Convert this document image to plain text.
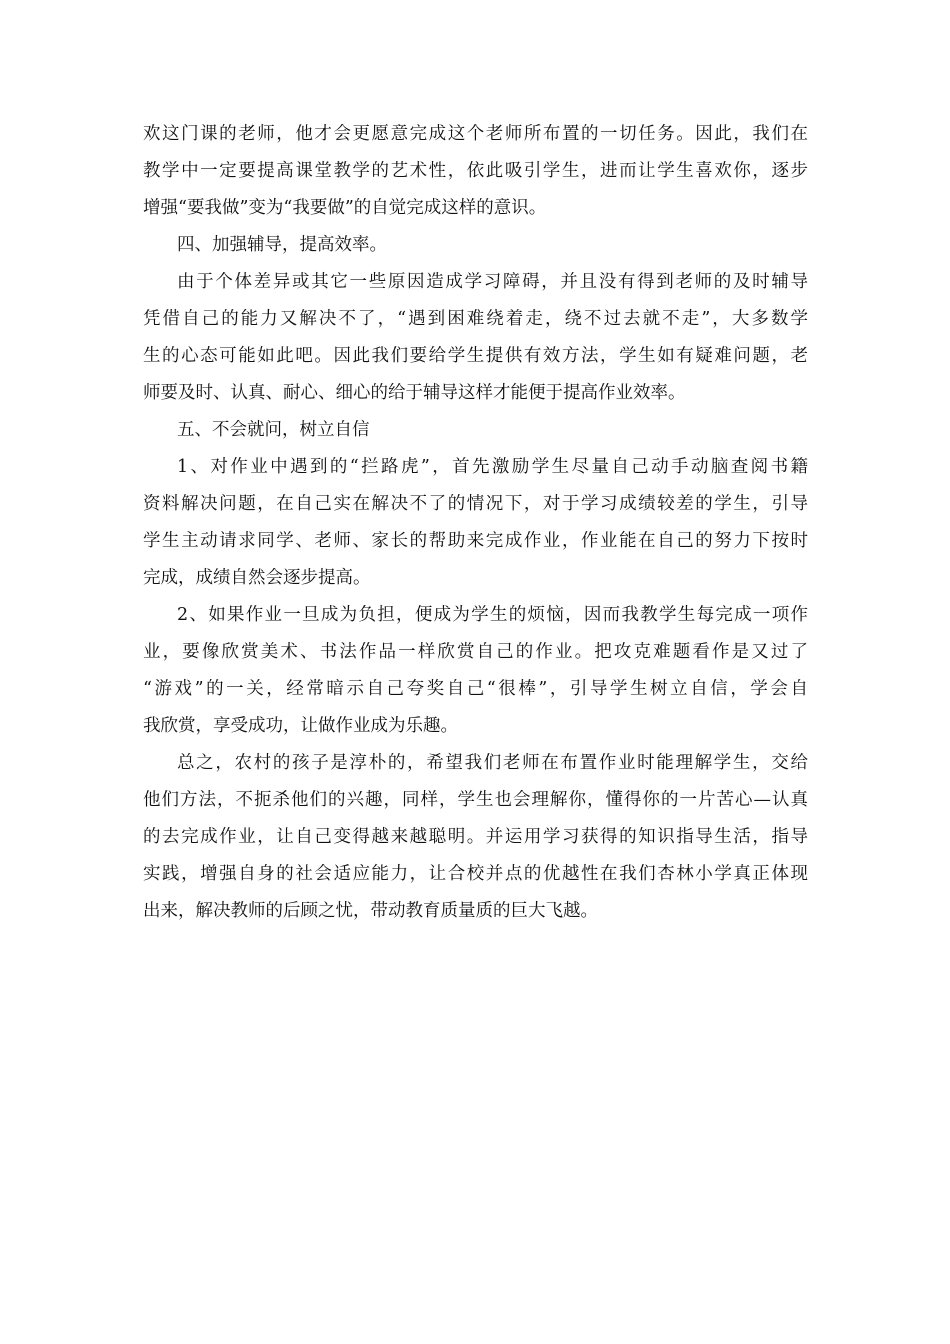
欢这门课的老师，他才会更愿意完成这个老师所布置的一切任务。因此，我们在
教学中一定要提高课堂教学的艺术性，依此吸引学生，进而让学生喜欢你，逐步
增强“要我做”变为“我要做”的自觉完成这样的意识。
四、加强辅导，提高效率。
由于个体差异或其它一些原因造成学习障碍，并且没有得到老师的及时辅导
凭借自己的能力又解决不了，“遇到困难绕着走，绕不过去就不走”，大多数学
生的心态可能如此吧。因此我们要给学生提供有效方法，学生如有疑难问题，老
师要及时、认真、耐心、细心的给于辅导这样才能便于提高作业效率。
五、不会就问，树立自信
1、对作业中遇到的“拦路虎”，首先激励学生尽量自己动手动脑查阅书籍
资料解决问题，在自己实在解决不了的情况下，对于学习成绩较差的学生，引导
学生主动请求同学、老师、家长的帮助来完成作业，作业能在自己的努力下按时
完成，成绩自然会逐步提高。
2、如果作业一旦成为负担，便成为学生的烦恼，因而我教学生每完成一项作
业，要像欣赏美术、书法作品一样欣赏自己的作业。把攻克难题看作是又过了
“游戏”的一关，经常暗示自己夸奖自己“很棒”，引导学生树立自信，学会自
我欣赏，享受成功，让做作业成为乐趣。
总之，农村的孩子是淳朴的，希望我们老师在布置作业时能理解学生，交给
他们方法，不扼杀他们的兴趣，同样，学生也会理解你，懂得你的一片苦心—认真
的去完成作业，让自己变得越来越聪明。并运用学习获得的知识指导生活，指导
实践，增强自身的社会适应能力，让合校并点的优越性在我们杏林小学真正体现
出来，解决教师的后顾之忧，带动教育质量质的巨大飞越。
